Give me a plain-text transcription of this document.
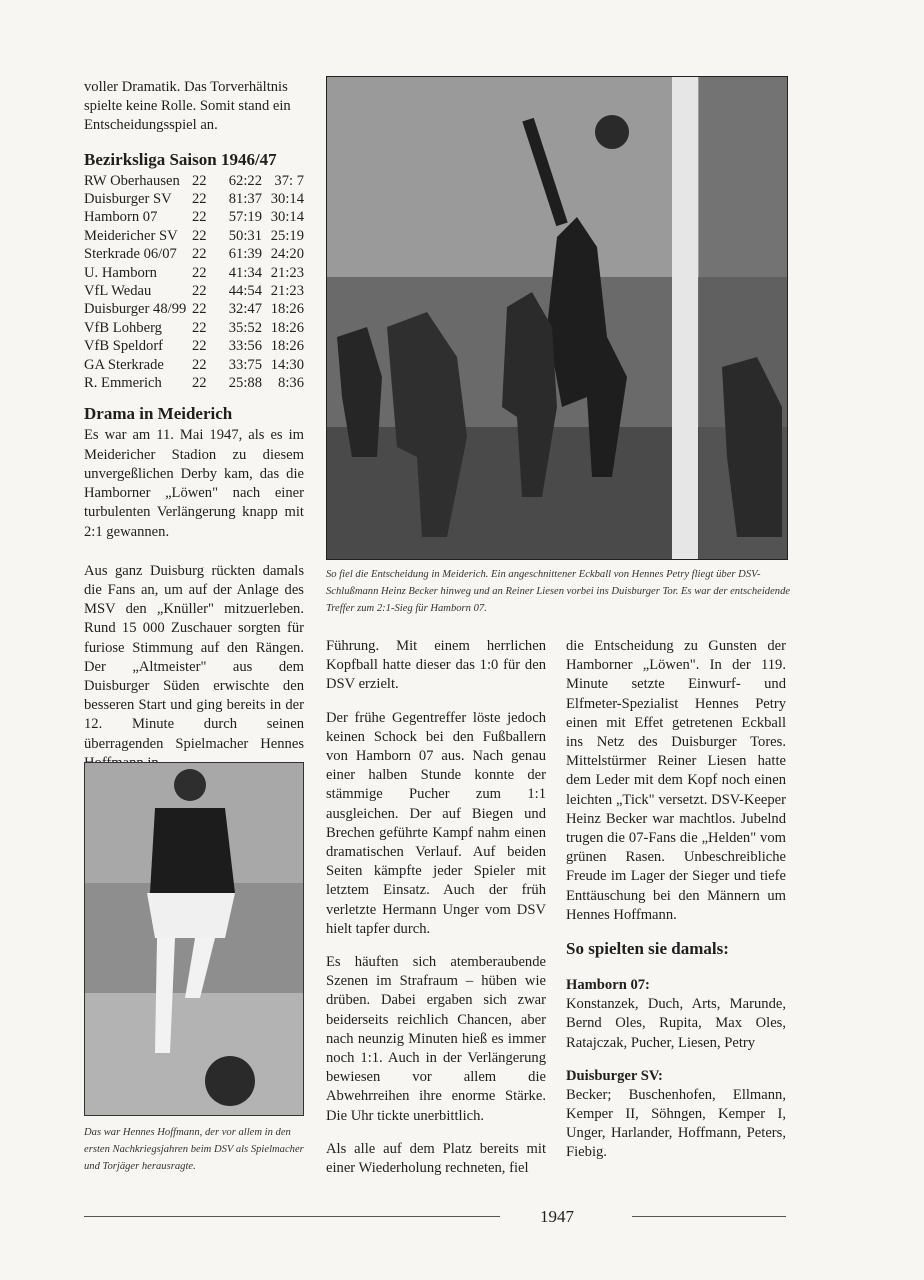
voller Dramatik. Das Torverhältnis spielte keine Rolle. Somit stand ein Entscheidungsspiel an.

Bezirksliga Saison 1946/47
RW Oberhausen	22	62:22	37: 7
Duisburger SV	22	81:37	30:14
Hamborn 07	22	57:19	30:14
Meidericher SV	22	50:31	25:19
Sterkrade 06/07	22	61:39	24:20
U. Hamborn	22	41:34	21:23
VfL Wedau	22	44:54	21:23
Duisburger 48/99	22	32:47	18:26
VfB Lohberg	22	35:52	18:26
VfB Speldorf	22	33:56	18:26
GA Sterkrade	22	33:75	14:30
R. Emmerich	22	25:88	8:36
Drama in Meiderich

Es war am 11. Mai 1947, als es im Meidericher Stadion zu diesem unvergeßlichen Derby kam, das die Hamborner „Löwen" nach einer turbulenten Verlängerung knapp mit 2:1 gewannen.

Aus ganz Duisburg rückten damals die Fans an, um auf der Anlage des MSV den „Knüller" mitzuerleben. Rund 15 000 Zuschauer sorgten für furiose Stimmung auf den Rängen. Der „Altmeister" aus dem Duisburger Süden erwischte den besseren Start und ging bereits in der 12. Minute durch seinen überragenden Spielmacher Hennes

So fiel die Entscheidung in Meiderich. Ein angeschnittener Eckball von Hennes Petry fliegt über DSV-Schlußmann Heinz Becker hinweg und an Reiner Liesen vorbei ins Duisburger Tor. Es war der entscheidende Treffer zum 2:1-Sieg für Hamborn 07.
Das war Hennes Hoffmann, der vor allem in den ersten Nachkriegsjahren beim DSV als Spielmacher und Torjäger herausragte.

Führung. Mit einem herrlichen Kopfball hatte dieser das 1:0 für den DSV erzielt.

Der frühe Gegentreffer löste jedoch keinen Schock bei den Fußballern von Hamborn 07 aus. Nach genau einer halben Stunde konnte der stämmige Pucher zum 1:1 ausgleichen. Der auf Biegen und Brechen geführte Kampf nahm einen dramatischen Verlauf. Auf beiden Seiten kämpfte jeder Spieler mit letztem Einsatz. Auch der früh verletzte Hermann Unger vom DSV hielt tapfer durch.

Es häuften sich atemberaubende Szenen im Strafraum – hüben wie drüben. Dabei ergaben sich zwar beiderseits reichlich Chancen, aber nach neunzig Minuten hieß es immer noch 1:1. Auch in der Verlängerung bewiesen vor allem die Abwehrreihen ihre enorme Stärke. Die Uhr tickte unerbittlich.

Als alle auf dem Platz bereits mit einer Wiederholung rechneten, fiel

die Entscheidung zu Gunsten der Hamborner „Löwen". In der 119. Minute setzte Einwurf- und Elfmeter-Spezialist Hennes Petry einen mit Effet getretenen Eckball ins Netz des Duisburger Tores. Mittelstürmer Reiner Liesen hatte dem Leder mit dem Kopf noch einen leichten „Tick" versetzt. DSV-Keeper Heinz Becker war machtlos. Jubelnd trugen die 07-Fans die „Helden" vom grünen Rasen. Unbeschreibliche Freude im Lager der Sieger und tiefe Enttäuschung bei den Männern um Hennes Hoffmann.

So spielten sie damals:
Hamborn 07:

Konstanzek, Duch, Arts, Marunde, Bernd Oles, Rupita, Max Oles, Ratajczak, Pucher, Liesen, Petry

Duisburger SV:

Becker; Buschenhofen, Ellmann, Kemper II, Söhngen, Kemper I, Unger, Harlander, Hoffmann, Peters, Fiebig.

1947
